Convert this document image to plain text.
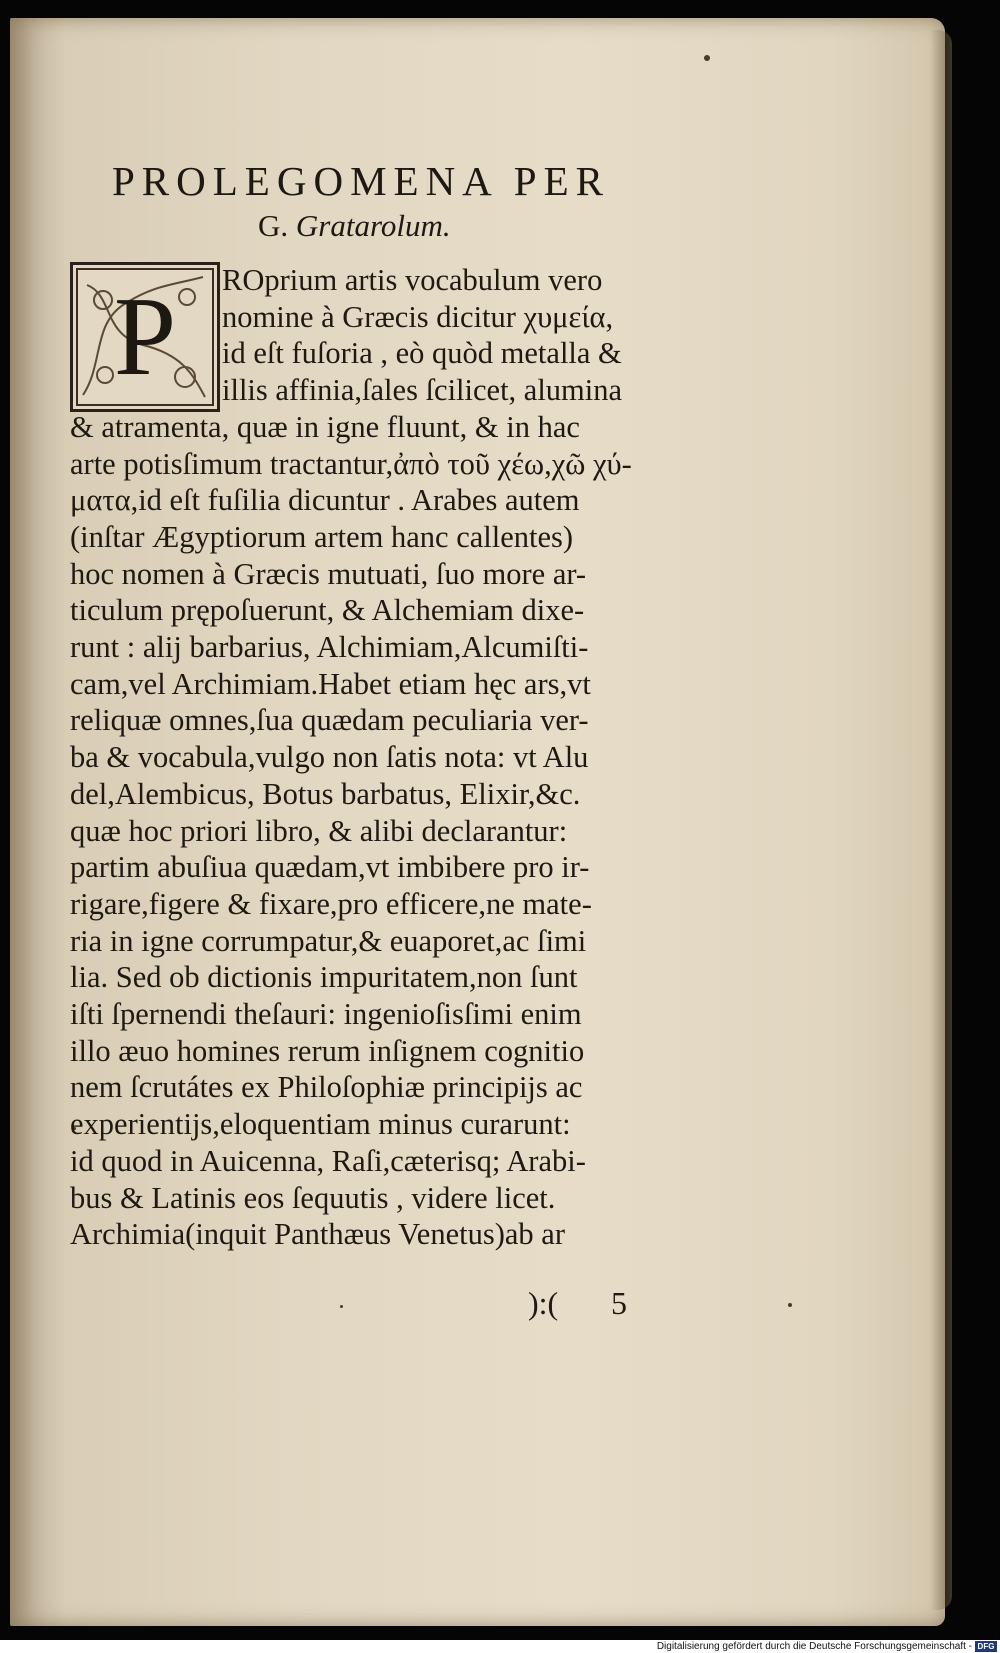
PROLEGOMENA PER
G. Gratarolum.
P	ROprium artis vocabulum vero
nomine à Græcis dicitur χυμεία,
id eſt fuſoria , eò quòd metalla &
illis affinia,ſales ſcilicet, alumina
& atramenta, quæ in igne fluunt, & in hac
arte potisſimum tractantur,ἀπὸ τοῦ χέω,χῶ χύ-
ματα,id eſt fuſilia dicuntur . Arabes autem
(inſtar Ægyptiorum artem hanc callentes)
hoc nomen à Græcis mutuati, ſuo more ar-
ticulum prępoſuerunt, & Alchemiam dixe-
runt : alij barbarius, Alchimiam,Alcumiſti-
cam,vel Archimiam.Habet etiam hęc ars,vt
reliquæ omnes,ſua quædam peculiaria ver-
ba & vocabula,vulgo non ſatis nota: vt Alu
del,Alembicus, Botus barbatus, Elixir,&c.
quæ hoc priori libro, & alibi declarantur:
partim abuſiua quædam,vt imbibere pro ir-
rigare,figere & fixare,pro efficere,ne mate-
ria in igne corrumpatur,& euaporet,ac ſimi
lia. Sed ob dictionis impuritatem,non ſunt
iſti ſpernendi theſauri: ingenioſisſimi enim
illo æuo homines rerum inſignem cognitio
nem ſcrutátes ex Philoſophiæ principijs ac
experientijs,eloquentiam minus curarunt:
id quod in Auicenna, Raſi,cæterisq; Arabi-
bus & Latinis eos ſequutis , videre licet.
Archimia(inquit Panthæus Venetus)ab ar
):( 5
Digitalisierung gefördert durch die Deutsche Forschungsgemeinschaft - DFG
